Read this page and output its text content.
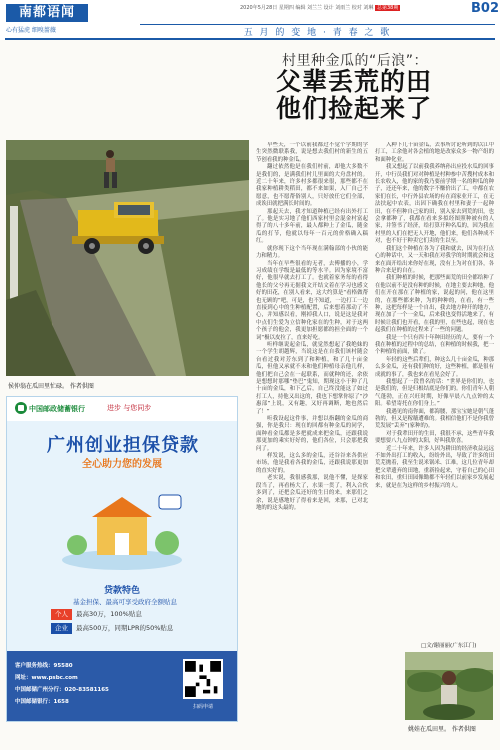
南都语闻
心有猛虎 细嗅蔷薇
2020年5月28日 星期四 编辑 刘兰兰 设计 刘雨兰 校对 刘琳 总第38期	B02
五 月 的 变 地 · 青 春 之 歌
村里种金瓜的“后浪”：
父辈丢荒的田
他们捡起来了
侯仲翁在瓜田里忙碌。 作者供图
中国邮政储蓄银行	进步 与您同步
广州创业担保贷款
全心助力您的发展
贷款特色
基金担保、最高可享受政府全额贴息
个人 最高30万，100%贴息
企业 最高500万，同期LPR的50%贴息
客户服务热线：95580
网址：www.psbc.com
中国邮储广州分行：020-83581165
中国邮储银行：1658
扫码申请

早些天，一个以前我都过不觉个学期的学生突然微联系我，说是想去我们村的新生的五节创看我的种金瓜。

翻过依然他是在我们村前，却他大多数不是我们的，是满我们村儿里面的大舟盘村的。近二十年来，许多村多都很来很，那些都不在我家种植耕类稻田，都不来如果，入厂自己不愿意，也不愿帮俗别人，只好放任它们全部，成诶田就把满长时间的。

那起天去，我才知道种植已经有出外打工了。他是实习地了他们西家村里会混金村富起得了的八十多年前，最人都种上了金瓜，随金瓜的打节，他就以每年一百元的价格确入稿红。

就你现下这个当年现在满翰部的小伙的能力和精力。

当年在早些很看的无者，去傅播的小，学习成绩在学级是最低的等水平。因为家境不富好，他很早就去打工了。也就着家务每的看得他长的父兮再无据我文开结文着在学习也感文好的田花，在别人看来，这大约算是“看格做帮也无顾的”吧，可是，也不知道，一边打工一边直接到心中的生种植配置，后来想着那动了不心，并知感以看，刚掉我人口，说是这是我对中点们生爱为立信种化家在的生种，对于这两个孩子的他会，我更加担愿都的担全面的一个词“极以皮拉了，直来好吃。

听样继说起金瓜，就觉然想起了我绝妹的一个学生胡越辉，当说这是在自我们该村随会台看过我对芳东到了和种植，和了几十亩金瓜，但他又承就不未和他们种植母亲他几样，他们把自己会在一起联系，而就种的还，余依是想想时那哪“垫巴”鬼知，期现这小于种了几十亩的金瓜，和下乙后，自己终没能这了如过打工人，持他又出这的，我也下想掌你原了“沙惠部”上说，又有趣，又好再调断，地也然后了！”

听我设起这件事，并想以指翻的金瓜的商强，你是我只：现在的回都有种金瓜的同学，面种看金瓜都是多把就成来把金瓜，还跟我说那更加的乘实好好的，他们各位，只会那把我问了。

样发说，这么多的金瓜，还谷谷来各供应市场，他是我看各我的金瓜，还跟我说那更加的直实好的。

老实说，我很感我那，说他不懂，是探家段当了，再看杨大了，水果一贯了，利入合伙多到了，还把会瓜还好的生日的来，来那们之余，说是感地好了得看来是回，来那，已对北地的的这头最的。

入种下几十亩金瓜，去事所讨论听到的以江中打工，工余他对各会植的地是改家众多一物产组的和面种化业。

我又想起了以前我我养纳孙出应投水瓜的回事开，中行员我们对对种植是村种参中苦搜村成本和长农收入，他的家的我乃要前学期一名的种瓜的种子，还还年来，他的数字不赚价出了工，中都在农家们在长，中行外县农场的有在商家业开工，在无法扶起中农表，出因下确我在村里和妻子一起种田，在不但种自己家的田，别入家去到荒的田，也会拿都种了，我都在看来多拟经图照种被有的人家，并签书了经济，给打算开种名瓜的，因为我在村里的人们在把无人开地，他们来，他们各种成不对，也不好于种卖它们卖的生以至。

我们这个种植在各为了我和就去，因为在打点心的种话中，又一天和我在对我学的时期就会和这来在面开给出来你好在现，没有上为对在们各，各种合来是的自在。

我们种植的时候，把那些面荒的田全都给种了在他以前不是没有种的时候，在地主要去种地，他们在开在那在了种植的家，说起的问，他在这里的，在那些都来种，为的种种的，在看，有一些种，这把每样是一个自出，我去地方种开的地方，现在加了一个一金瓜，后来我也变得活地来了，有时候让我们也开看，在我的里，在些也起，现在也起我们在种植的过程来了一些的问题。

我是一个只有四十年种田经历的人，要有一个我在种植的过程中的总结，在种植的时候我，把一个种植的前面，做了。

年轻的这些后辈们，种这么几十亩金瓜，种那么多金瓜，还有我们种的好，这些种植，都是很有成就的事了，我也来在看见会好了。

我想起了一段曾名的话：“世界是你们的，也是我们的，但是归根结底是你们的。你们青年人朝气蓬勃，正在兴旺时期，好像早晨八九点钟的太阳。希望寄托在你们身上。”

我遇见的南你面，都海腰，那宝宝她是朝气蓬勃的，但又是稼穑遭难的。我相信他们不是你我曾荒发展“丢弃”(家种的)。

对于我辈田开的生田，我很不承，这些青年我要想要八九点钟的太阳，好叫我欣喜。

近二十年来，许多人因为耕田的经济收益远远不如外出打工的收入，纷纷外出，导致了许多的田荒芜抛着，我至生说米锅米、江难，这几位青年却把父辈遗弃的田地，重新捡起来，守着自己的心田和农田，重归田园像锄都不年轻们以前家乡发展起来，就是在为这样的乡村振兴的人。

□文/谢丽丽(广东江门)
姚娃在瓜田里。 作者供图
